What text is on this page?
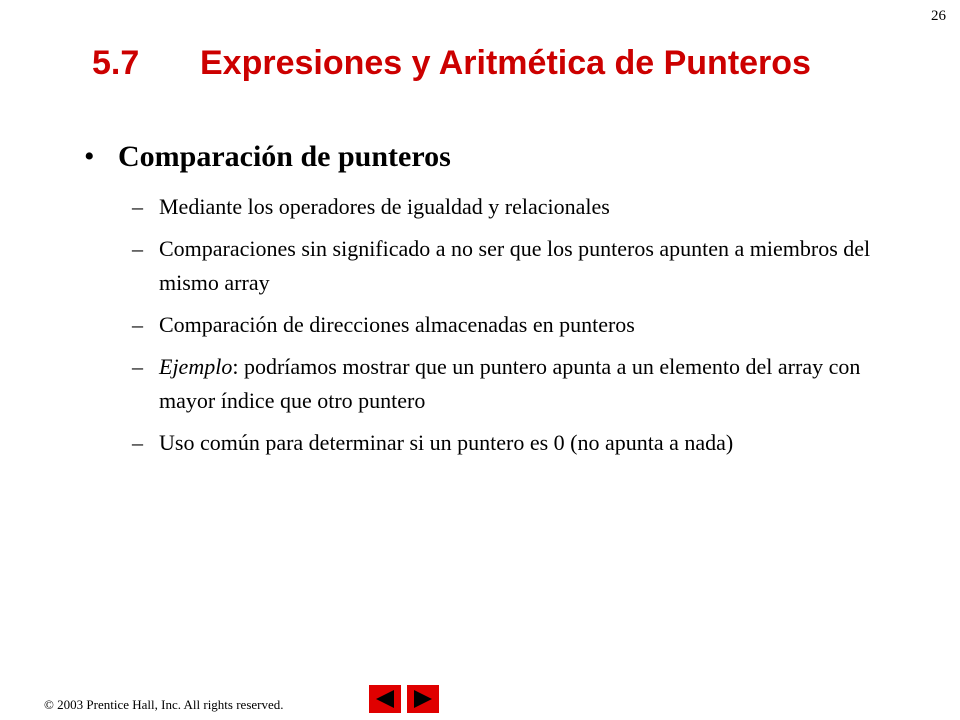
26
5.7 Expresiones y Aritmética de Punteros
• Comparación de punteros
– Mediante los operadores de igualdad y relacionales
– Comparaciones sin significado a no ser que los punteros apunten a miembros del mismo array
– Comparación de direcciones almacenadas en punteros
– Ejemplo: podríamos mostrar que un puntero apunta a un elemento del array con mayor índice que otro puntero
– Uso común para determinar si un puntero es 0 (no apunta a nada)
© 2003 Prentice Hall, Inc. All rights reserved.
